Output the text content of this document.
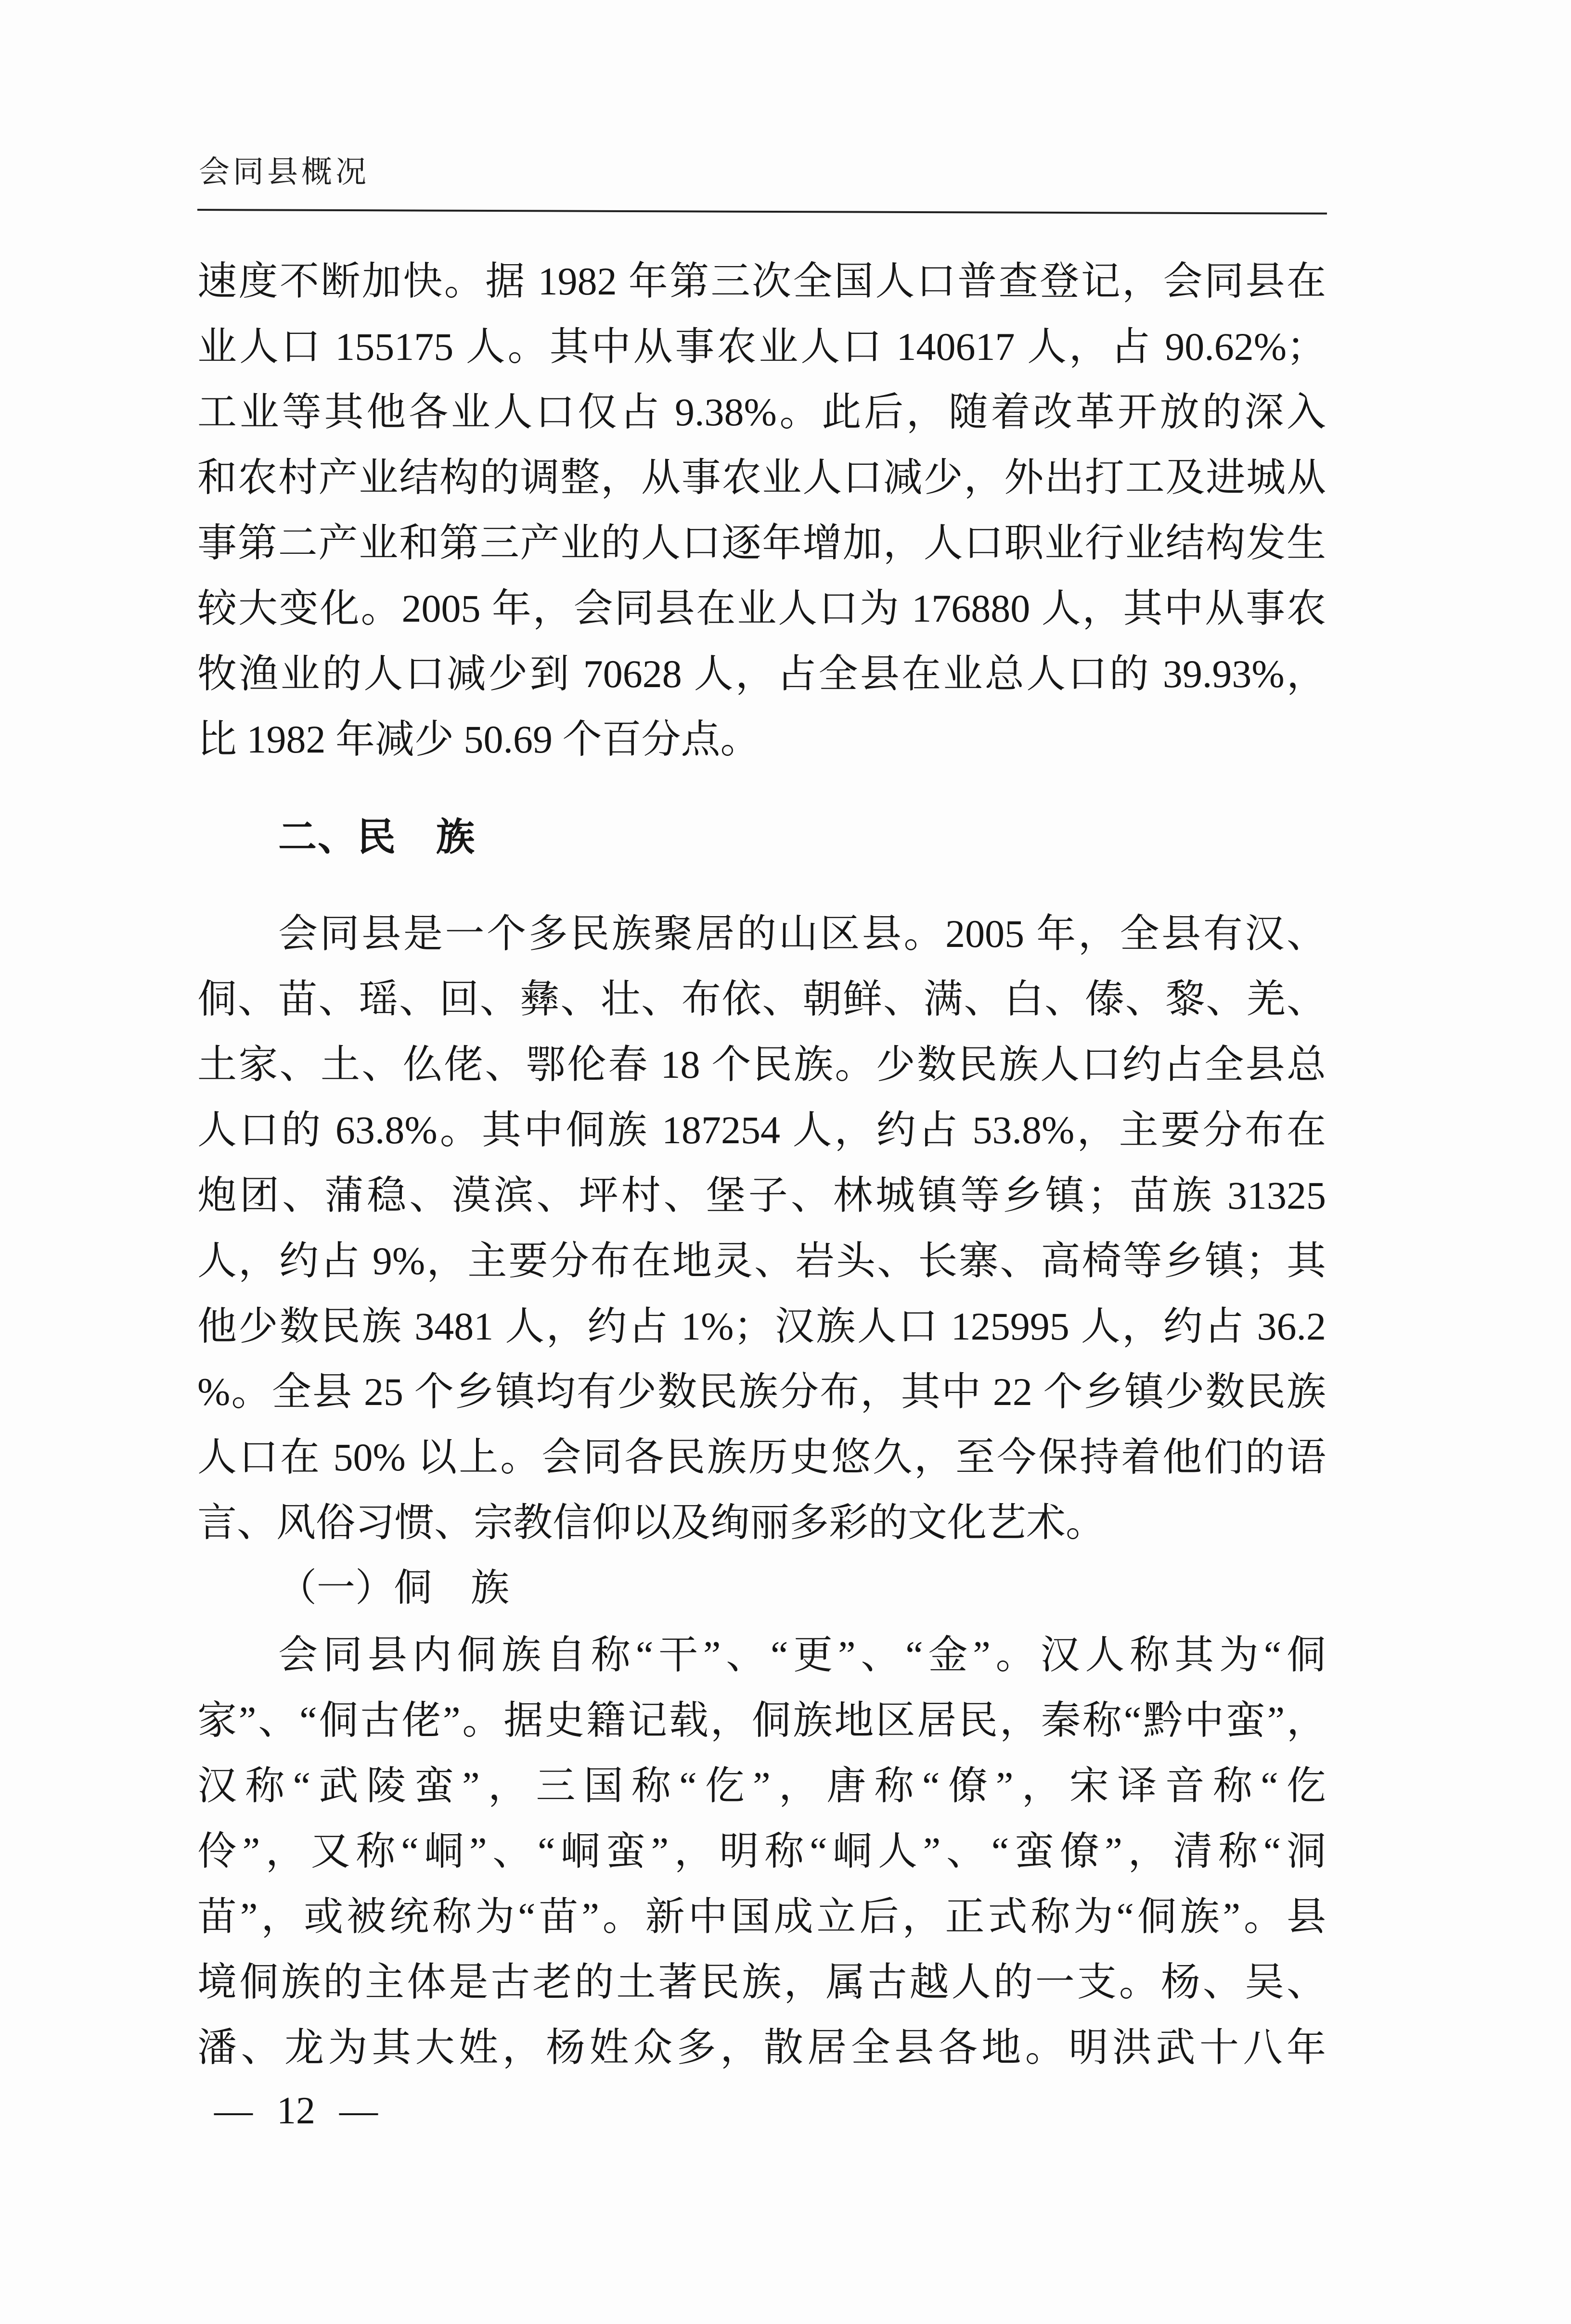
会同县概况
速度不断加快。据 1982 年第三次全国人口普查登记，会同县在
业人口 155175 人。其中从事农业人口 140617 人，占 90.62%；
工业等其他各业人口仅占 9.38%。此后，随着改革开放的深入
和农村产业结构的调整，从事农业人口减少，外出打工及进城从
事第二产业和第三产业的人口逐年增加，人口职业行业结构发生
较大变化。2005 年，会同县在业人口为 176880 人，其中从事农
牧渔业的人口减少到 70628 人，占全县在业总人口的 39.93%，
比 1982 年减少 50.69 个百分点。
二、民　族
会同县是一个多民族聚居的山区县。2005 年，全县有汉、
侗、苗、瑶、回、彝、壮、布依、朝鲜、满、白、傣、黎、羌、
土家、土、仫佬、鄂伦春 18 个民族。少数民族人口约占全县总
人口的 63.8%。其中侗族 187254 人，约占 53.8%，主要分布在
炮团、蒲稳、漠滨、坪村、堡子、林城镇等乡镇；苗族 31325
人，约占 9%，主要分布在地灵、岩头、长寨、高椅等乡镇；其
他少数民族 3481 人，约占 1%；汉族人口 125995 人，约占 36.2
%。全县 25 个乡镇均有少数民族分布，其中 22 个乡镇少数民族
人口在 50% 以上。会同各民族历史悠久，至今保持着他们的语
言、风俗习惯、宗教信仰以及绚丽多彩的文化艺术。
（一）侗　族
会同县内侗族自称“干”、“更”、“金”。汉人称其为“侗
家”、“侗古佬”。据史籍记载，侗族地区居民，秦称“黔中蛮”，
汉称“武陵蛮”，三国称“仡”，唐称“僚”，宋译音称“仡
伶”，又称“峒”、“峒蛮”，明称“峒人”、“蛮僚”，清称“洞
苗”，或被统称为“苗”。新中国成立后，正式称为“侗族”。县
境侗族的主体是古老的土著民族，属古越人的一支。杨、吴、
潘、龙为其大姓，杨姓众多，散居全县各地。明洪武十八年
— 12 —
